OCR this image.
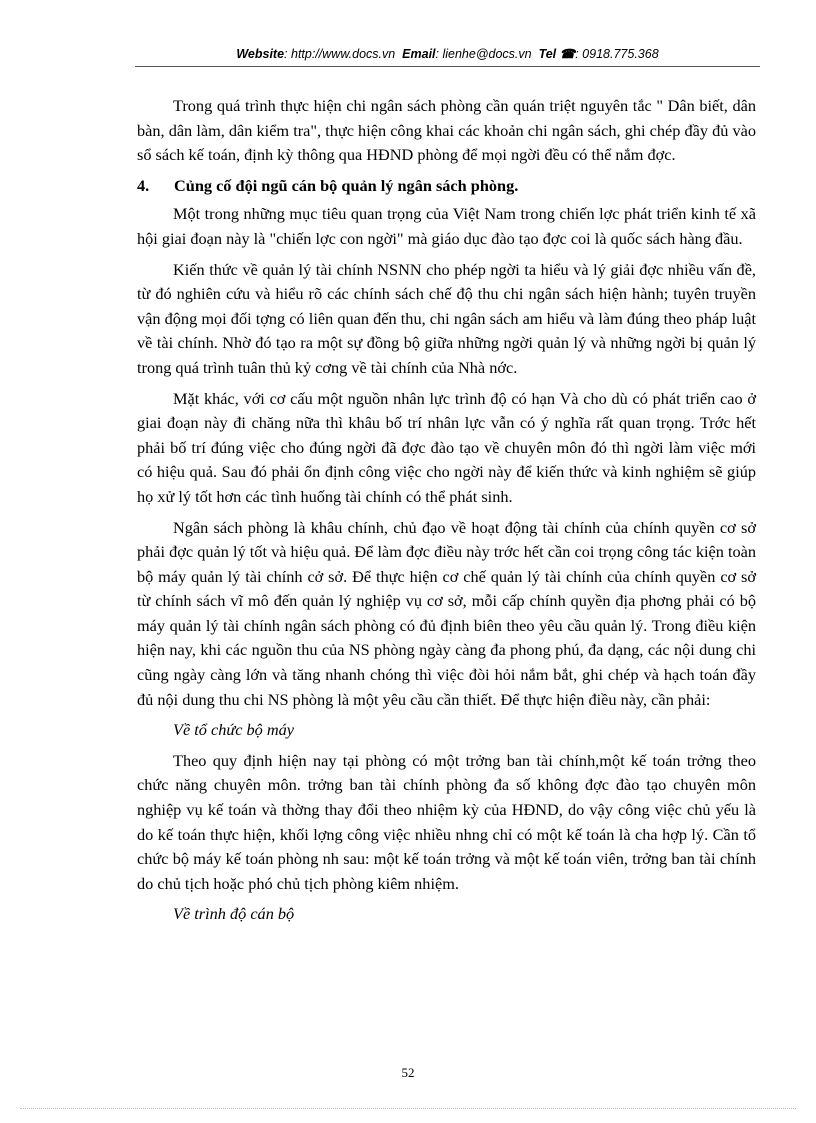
Website: http://www.docs.vn Email: lienhe@docs.vn Tel ☎: 0918.775.368

Trong quá trình thực hiện chi ngân sách phòng cần quán triệt nguyên tắc " Dân biết, dân bàn, dân làm, dân kiểm tra", thực hiện công khai các khoản chi ngân sách, ghi chép đầy đủ vào sổ sách kế toán, định kỳ thông qua HĐND phòng để mọi ngời đều có thể nắm đợc.

4. Củng cố đội ngũ cán bộ quản lý ngân sách phòng.

Một trong những mục tiêu quan trọng của Việt Nam trong chiến lợc phát triển kinh tế xã hội giai đoạn này là "chiến lợc con ngời" mà giáo dục đào tạo đợc coi là quốc sách hàng đầu.

Kiến thức về quản lý tài chính NSNN cho phép ngời ta hiểu và lý giải đợc nhiều vấn đề, từ đó nghiên cứu và hiểu rõ các chính sách chế độ thu chi ngân sách hiện hành; tuyên truyền vận động mọi đối tợng có liên quan đến thu, chi ngân sách am hiểu và làm đúng theo pháp luật về tài chính. Nhờ đó tạo ra một sự đồng bộ giữa những ngời quản lý và những ngời bị quản lý trong quá trình tuân thủ kỷ cơng về tài chính của Nhà nớc.

Mặt khác, với cơ cấu một nguồn nhân lực trình độ có hạn Và cho dù có phát triển cao ở giai đoạn này đi chăng nữa thì khâu bố trí nhân lực vẫn có ý nghĩa rất quan trọng. Trớc hết phải bố trí đúng việc cho đúng ngời đã đợc đào tạo về chuyên môn đó thì ngời làm việc mới có hiệu quả. Sau đó phải ổn định công việc cho ngời này để kiến thức và kinh nghiệm sẽ giúp họ xử lý tốt hơn các tình huống tài chính có thể phát sinh.

Ngân sách phòng là khâu chính, chủ đạo về hoạt động tài chính của chính quyền cơ sở phải đợc quản lý tốt và hiệu quả. Để làm đợc điều này trớc hết cần coi trọng công tác kiện toàn bộ máy quản lý tài chính cở sở. Để thực hiện cơ chế quản lý tài chính của chính quyền cơ sở từ chính sách vĩ mô đến quản lý nghiệp vụ cơ sở, mỗi cấp chính quyền địa phơng phải có bộ máy quản lý tài chính ngân sách phòng có đủ định biên theo yêu cầu quản lý. Trong điều kiện hiện nay, khi các nguồn thu của NS phòng ngày càng đa phong phú, đa dạng, các nội dung chi cũng ngày càng lớn và tăng nhanh chóng thì việc đòi hỏi nắm bắt, ghi chép và hạch toán đầy đủ nội dung thu chi NS phòng là một yêu cầu cần thiết. Để thực hiện điều này, cần phải:

Về tổ chức bộ máy

Theo quy định hiện nay tại phòng có một trởng ban tài chính,một kế toán trởng theo chức năng chuyên môn. trởng ban tài chính phòng đa số không đợc đào tạo chuyên môn nghiệp vụ kế toán và thờng thay đổi theo nhiệm kỳ của HĐND, do vậy công việc chủ yếu là do kế toán thực hiện, khối lợng công việc nhiều nhng chỉ có một kế toán là cha hợp lý. Cần tổ chức bộ máy kế toán phòng nh sau: một kế toán trởng và một kế toán viên, trởng ban tài chính do chủ tịch hoặc phó chủ tịch phòng kiêm nhiệm.

Về trình độ cán bộ

52
